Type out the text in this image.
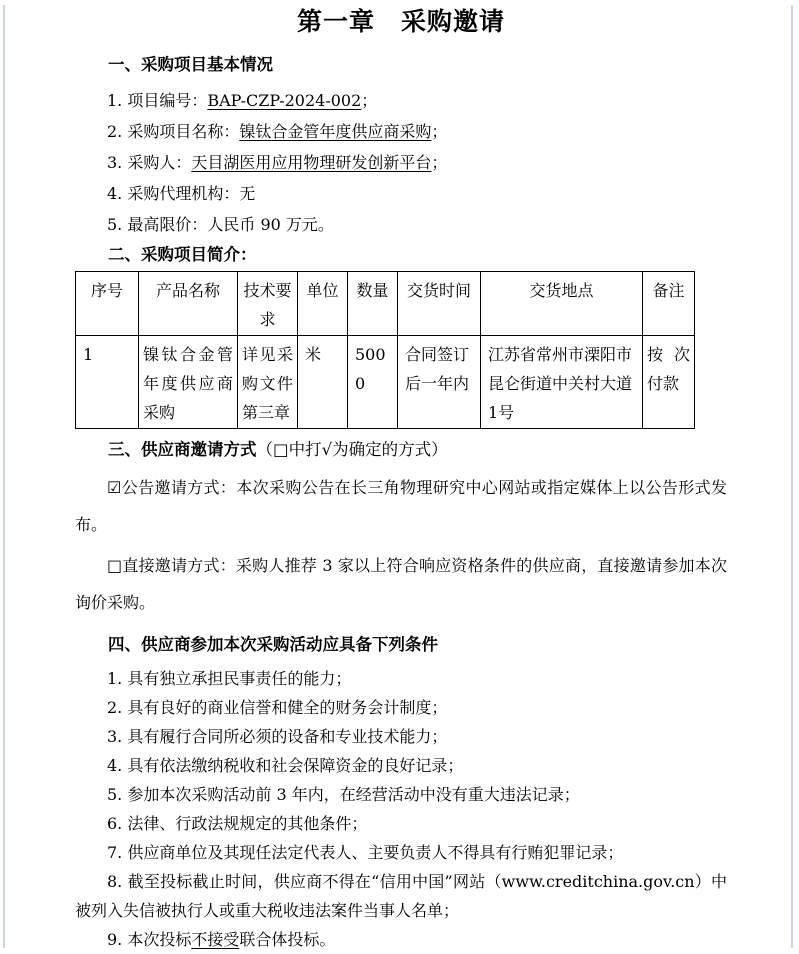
第一章　采购邀请
一、采购项目基本情况

1. 项目编号：BAP-CZP-2024-002；

2. 采购项目名称：镍钛合金管年度供应商采购；

3. 采购人：天目湖医用应用物理研发创新平台；

4. 采购代理机构：无

5. 最高限价：人民币 90 万元。

二、采购项目简介：
序号	产品名称	技术要求	单位	数量	交货时间	交货地点	备注
1	镍钛合金管年度供应商采购	详见采购文件第三章	米	5000	合同签订后一年内	江苏省常州市溧阳市昆仑街道中关村大道1号	按次付款
三、供应商邀请方式（□中打√为确定的方式）

☑公告邀请方式：本次采购公告在长三角物理研究中心网站或指定媒体上以公告形式发布。

□直接邀请方式：采购人推荐 3 家以上符合响应资格条件的供应商，直接邀请参加本次询价采购。

四、供应商参加本次采购活动应具备下列条件

1. 具有独立承担民事责任的能力；

2. 具有良好的商业信誉和健全的财务会计制度；

3. 具有履行合同所必须的设备和专业技术能力；

4. 具有依法缴纳税收和社会保障资金的良好记录；

5. 参加本次采购活动前 3 年内，在经营活动中没有重大违法记录；

6. 法律、行政法规规定的其他条件；

7. 供应商单位及其现任法定代表人、主要负责人不得具有行贿犯罪记录；

8. 截至投标截止时间，供应商不得在“信用中国”网站（www.creditchina.gov.cn）中被列入失信被执行人或重大税收违法案件当事人名单；

9. 本次投标不接受联合体投标。
